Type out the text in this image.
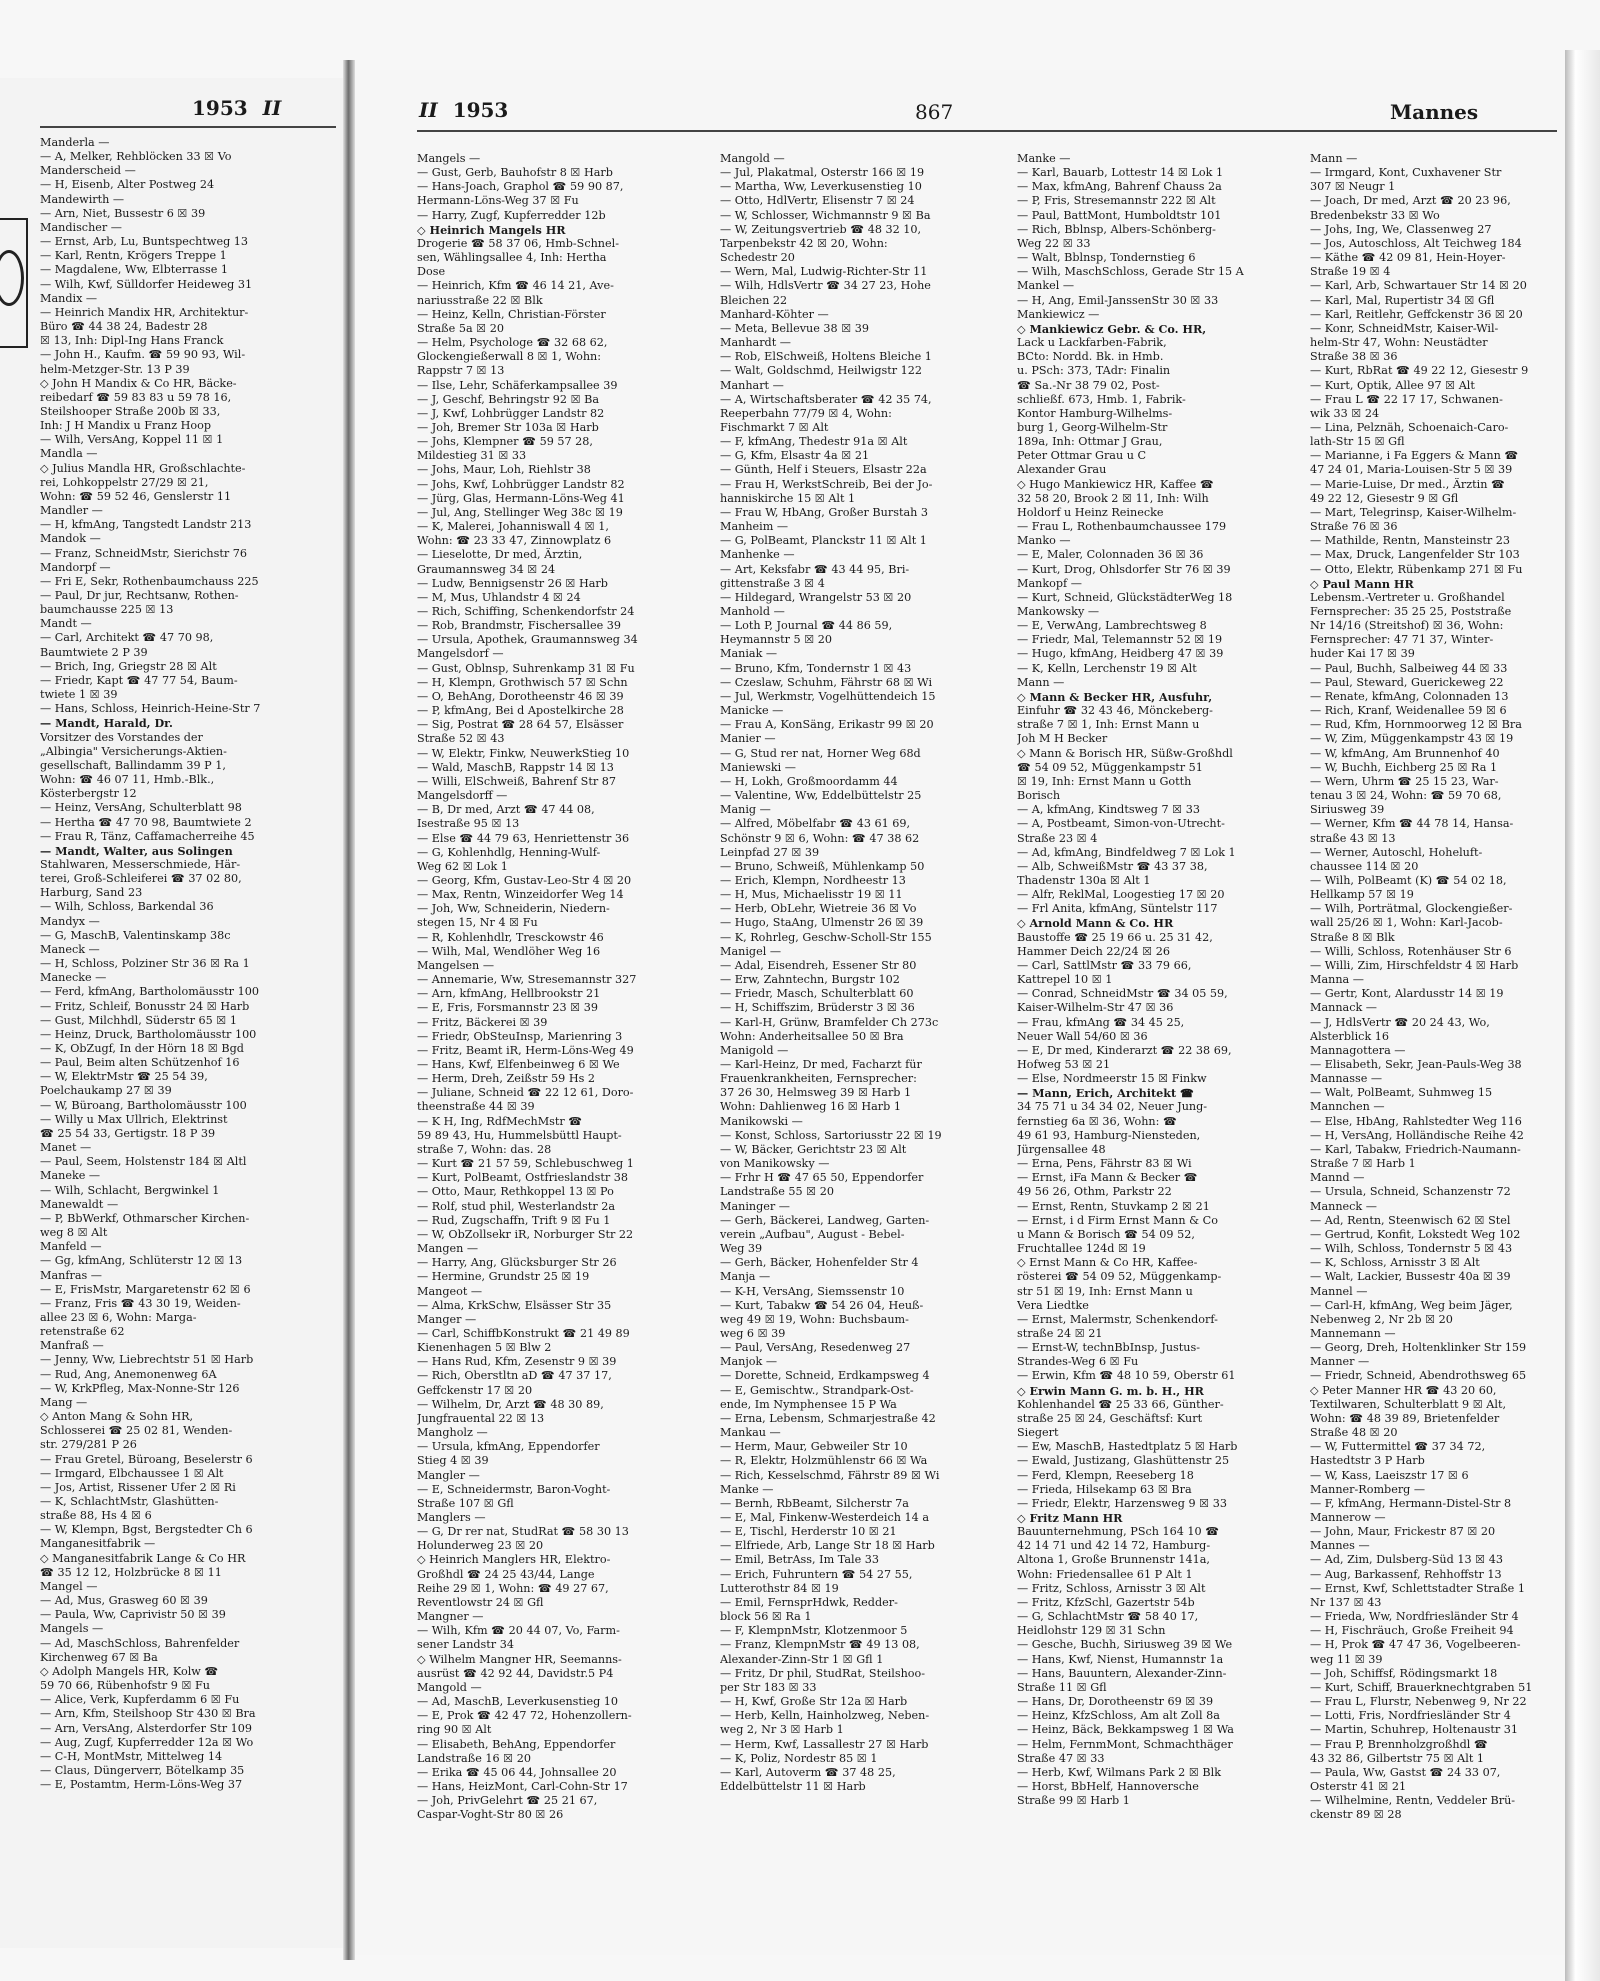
1953 II

Manderla —

— A, Melker, Rehblöcken 33 ☒ Vo

Manderscheid —

— H, Eisenb, Alter Postweg 24

Mandewirth —

— Arn, Niet, Bussestr 6 ☒ 39

Mandischer —

— Ernst, Arb, Lu, Buntspechtweg 13

— Karl, Rentn, Krögers Treppe 1

— Magdalene, Ww, Elbterrasse 1

— Wilh, Kwf, Sülldorfer Heideweg 31

Mandix —

— Heinrich Mandix HR, Architektur-

Büro ☎ 44 38 24, Badestr 28

☒ 13, Inh: Dipl-Ing Hans Franck

— John H., Kaufm. ☎ 59 90 93, Wil-

helm-Metzger-Str. 13 P 39

◇ John H Mandix & Co HR, Bäcke-

reibedarf ☎ 59 83 83 u 59 78 16,

Steilshooper Straße 200b ☒ 33,

Inh: J H Mandix u Franz Hoop

— Wilh, VersAng, Koppel 11 ☒ 1

Mandla —

◇ Julius Mandla HR, Großschlachte-

rei, Lohkoppelstr 27/29 ☒ 21,

Wohn: ☎ 59 52 46, Genslerstr 11

Mandler —

— H, kfmAng, Tangstedt Landstr 213

Mandok —

— Franz, SchneidMstr, Sierichstr 76

Mandorpf —

— Fri E, Sekr, Rothenbaumchauss 225

— Paul, Dr jur, Rechtsanw, Rothen-

baumchausse 225 ☒ 13

Mandt —

— Carl, Architekt ☎ 47 70 98,

Baumtwiete 2 P 39

— Brich, Ing, Griegstr 28 ☒ Alt

— Friedr, Kapt ☎ 47 77 54, Baum-

twiete 1 ☒ 39

— Hans, Schloss, Heinrich-Heine-Str 7

— Mandt, Harald, Dr.

Vorsitzer des Vorstandes der

„Albingia" Versicherungs-Aktien-

gesellschaft, Ballindamm 39 P 1,

Wohn: ☎ 46 07 11, Hmb.-Blk.,

Kösterbergstr 12

— Heinz, VersAng, Schulterblatt 98

— Hertha ☎ 47 70 98, Baumtwiete 2

— Frau R, Tänz, Caffamacherreihe 45

— Mandt, Walter, aus Solingen

Stahlwaren, Messerschmiede, Här-

terei, Groß-Schleiferei ☎ 37 02 80,

Harburg, Sand 23

— Wilh, Schloss, Barkendal 36

Mandyx —

— G, MaschB, Valentinskamp 38c

Maneck —

— H, Schloss, Polziner Str 36 ☒ Ra 1

Manecke —

— Ferd, kfmAng, Bartholomäusstr 100

— Fritz, Schleif, Bonusstr 24 ☒ Harb

— Gust, Milchhdl, Süderstr 65 ☒ 1

— Heinz, Druck, Bartholomäusstr 100

— K, ObZugf, In der Hörn 18 ☒ Bgd

— Paul, Beim alten Schützenhof 16

— W, ElektrMstr ☎ 25 54 39,

Poelchaukamp 27 ☒ 39

— W, Büroang, Bartholomäusstr 100

— Willy u Max Ullrich, Elektrinst

☎ 25 54 33, Gertigstr. 18 P 39

Manet —

— Paul, Seem, Holstenstr 184 ☒ Altl

Maneke —

— Wilh, Schlacht, Bergwinkel 1

Manewaldt —

— P, BbWerkf, Othmarscher Kirchen-

weg 8 ☒ Alt

Manfeld —

— Gg, kfmAng, Schlüterstr 12 ☒ 13

Manfras —

— E, FrisMstr, Margaretenstr 62 ☒ 6

— Franz, Fris ☎ 43 30 19, Weiden-

allee 23 ☒ 6, Wohn: Marga-

retenstraße 62

Manfraß —

— Jenny, Ww, Liebrechtstr 51 ☒ Harb

— Rud, Ang, Anemonenweg 6A

— W, KrkPfleg, Max-Nonne-Str 126

Mang —

◇ Anton Mang & Sohn HR,

Schlosserei ☎ 25 02 81, Wenden-

str. 279/281 P 26

— Frau Gretel, Büroang, Beselerstr 6

— Irmgard, Elbchaussee 1 ☒ Alt

— Jos, Artist, Rissener Ufer 2 ☒ Ri

— K, SchlachtMstr, Glashütten-

straße 88, Hs 4 ☒ 6

— W, Klempn, Bgst, Bergstedter Ch 6

Manganesitfabrik —

◇ Manganesitfabrik Lange & Co HR

☎ 35 12 12, Holzbrücke 8 ☒ 11

Mangel —

— Ad, Mus, Grasweg 60 ☒ 39

— Paula, Ww, Caprivistr 50 ☒ 39

Mangels —

— Ad, MaschSchloss, Bahrenfelder

Kirchenweg 67 ☒ Ba

◇ Adolph Mangels HR, Kolw ☎

59 70 66, Rübenhofstr 9 ☒ Fu

— Alice, Verk, Kupferdamm 6 ☒ Fu

— Arn, Kfm, Steilshoop Str 430 ☒ Bra

— Arn, VersAng, Alsterdorfer Str 109

— Aug, Zugf, Kupferredder 12a ☒ Wo

— C-H, MontMstr, Mittelweg 14

— Claus, Düngerverr, Bötelkamp 35

— E, Postamtm, Herm-Löns-Weg 37

II 1953	867	Mannes

Mangels —

— Gust, Gerb, Bauhofstr 8 ☒ Harb

— Hans-Joach, Graphol ☎ 59 90 87,

Hermann-Löns-Weg 37 ☒ Fu

— Harry, Zugf, Kupferredder 12b

◇ Heinrich Mangels HR

Drogerie ☎ 58 37 06, Hmb-Schnel-

sen, Wählingsallee 4, Inh: Hertha

Dose

— Heinrich, Kfm ☎ 46 14 21, Ave-

nariusstraße 22 ☒ Blk

— Heinz, Kelln, Christian-Förster

Straße 5a ☒ 20

— Helm, Psychologe ☎ 32 68 62,

Glockengießerwall 8 ☒ 1, Wohn:

Rappstr 7 ☒ 13

— Ilse, Lehr, Schäferkampsallee 39

— J, Geschf, Behringstr 92 ☒ Ba

— J, Kwf, Lohbrügger Landstr 82

— Joh, Bremer Str 103a ☒ Harb

— Johs, Klempner ☎ 59 57 28,

Mildestieg 31 ☒ 33

— Johs, Maur, Loh, Riehlstr 38

— Johs, Kwf, Lohbrügger Landstr 82

— Jürg, Glas, Hermann-Löns-Weg 41

— Jul, Ang, Stellinger Weg 38c ☒ 19

— K, Malerei, Johanniswall 4 ☒ 1,

Wohn: ☎ 23 33 47, Zinnowplatz 6

— Lieselotte, Dr med, Ärztin,

Graumannsweg 34 ☒ 24

— Ludw, Bennigsenstr 26 ☒ Harb

— M, Mus, Uhlandstr 4 ☒ 24

— Rich, Schiffing, Schenkendorfstr 24

— Rob, Brandmstr, Fischersallee 39

— Ursula, Apothek, Graumannsweg 34

Mangelsdorf —

— Gust, Oblnsp, Suhrenkamp 31 ☒ Fu

— H, Klempn, Grothwisch 57 ☒ Schn

— O, BehAng, Dorotheenstr 46 ☒ 39

— P, kfmAng, Bei d Apostelkirche 28

— Sig, Postrat ☎ 28 64 57, Elsässer

Straße 52 ☒ 43

— W, Elektr, Finkw, NeuwerkStieg 10

— Wald, MaschB, Rappstr 14 ☒ 13

— Willi, ElSchweiß, Bahrenf Str 87

Mangelsdorff —

— B, Dr med, Arzt ☎ 47 44 08,

Isestraße 95 ☒ 13

— Else ☎ 44 79 63, Henriettenstr 36

— G, Kohlenhdlg, Henning-Wulf-

Weg 62 ☒ Lok 1

— Georg, Kfm, Gustav-Leo-Str 4 ☒ 20

— Max, Rentn, Winzeidorfer Weg 14

— Joh, Ww, Schneiderin, Niedern-

stegen 15, Nr 4 ☒ Fu

— R, Kohlenhdlr, Tresckowstr 46

— Wilh, Mal, Wendlöher Weg 16

Mangelsen —

— Annemarie, Ww, Stresemannstr 327

— Arn, kfmAng, Hellbrookstr 21

— E, Fris, Forsmannstr 23 ☒ 39

— Fritz, Bäckerei ☒ 39

— Friedr, ObSteuInsp, Marienring 3

— Fritz, Beamt iR, Herm-Löns-Weg 49

— Hans, Kwf, Elfenbeinweg 6 ☒ We

— Herm, Dreh, Zeißstr 59 Hs 2

— Juliane, Schneid ☎ 22 12 61, Doro-

theenstraße 44 ☒ 39

— K H, Ing, RdfMechMstr ☎

59 89 43, Hu, Hummelsbüttl Haupt-

straße 7, Wohn: das. 28

— Kurt ☎ 21 57 59, Schlebuschweg 1

— Kurt, PolBeamt, Ostfrieslandstr 38

— Otto, Maur, Rethkoppel 13 ☒ Po

— Rolf, stud phil, Westerlandstr 2a

— Rud, Zugschaffn, Trift 9 ☒ Fu 1

— W, ObZollsekr iR, Norburger Str 22

Mangen —

— Harry, Ang, Glücksburger Str 26

— Hermine, Grundstr 25 ☒ 19

Mangeot —

— Alma, KrkSchw, Elsässer Str 35

Manger —

— Carl, SchiffbKonstrukt ☎ 21 49 89

Kienenhagen 5 ☒ Blw 2

— Hans Rud, Kfm, Zesenstr 9 ☒ 39

— Rich, Oberstltn aD ☎ 47 37 17,

Geffckenstr 17 ☒ 20

— Wilhelm, Dr, Arzt ☎ 48 30 89,

Jungfrauental 22 ☒ 13

Mangholz —

— Ursula, kfmAng, Eppendorfer

Stieg 4 ☒ 39

Mangler —

— E, Schneidermstr, Baron-Voght-

Straße 107 ☒ Gfl

Manglers —

— G, Dr rer nat, StudRat ☎ 58 30 13

Holunderweg 23 ☒ 20

◇ Heinrich Manglers HR, Elektro-

Großhdl ☎ 24 25 43/44, Lange

Reihe 29 ☒ 1, Wohn: ☎ 49 27 67,

Reventlowstr 24 ☒ Gfl

Mangner —

— Wilh, Kfm ☎ 20 44 07, Vo, Farm-

sener Landstr 34

◇ Wilhelm Mangner HR, Seemanns-

ausrüst ☎ 42 92 44, Davidstr.5 P4

Mangold —

— Ad, MaschB, Leverkusenstieg 10

— E, Prok ☎ 42 47 72, Hohenzollern-

ring 90 ☒ Alt

— Elisabeth, BehAng, Eppendorfer

Landstraße 16 ☒ 20

— Erika ☎ 45 06 44, Johnsallee 20

— Hans, HeizMont, Carl-Cohn-Str 17

— Joh, PrivGelehrt ☎ 25 21 67,

Caspar-Voght-Str 80 ☒ 26

Mangold —

— Jul, Plakatmal, Osterstr 166 ☒ 19

— Martha, Ww, Leverkusenstieg 10

— Otto, HdlVertr, Elisenstr 7 ☒ 24

— W, Schlosser, Wichmannstr 9 ☒ Ba

— W, Zeitungsvertrieb ☎ 48 32 10,

Tarpenbekstr 42 ☒ 20, Wohn:

Schedestr 20

— Wern, Mal, Ludwig-Richter-Str 11

— Wilh, HdlsVertr ☎ 34 27 23, Hohe

Bleichen 22

Manhard-Köhter —

— Meta, Bellevue 38 ☒ 39

Manhardt —

— Rob, ElSchweiß, Holtens Bleiche 1

— Walt, Goldschmd, Heilwigstr 122

Manhart —

— A, Wirtschaftsberater ☎ 42 35 74,

Reeperbahn 77/79 ☒ 4, Wohn:

Fischmarkt 7 ☒ Alt

— F, kfmAng, Thedestr 91a ☒ Alt

— G, Kfm, Elsastr 4a ☒ 21

— Günth, Helf i Steuers, Elsastr 22a

— Frau H, WerkstSchreib, Bei der Jo-

hanniskirche 15 ☒ Alt 1

— Frau W, HbAng, Großer Burstah 3

Manheim —

— G, PolBeamt, Planckstr 11 ☒ Alt 1

Manhenke —

— Art, Keksfabr ☎ 43 44 95, Bri-

gittenstraße 3 ☒ 4

— Hildegard, Wrangelstr 53 ☒ 20

Manhold —

— Loth P, Journal ☎ 44 86 59,

Heymannstr 5 ☒ 20

Maniak —

— Bruno, Kfm, Tondernstr 1 ☒ 43

— Czeslaw, Schuhm, Fährstr 68 ☒ Wi

— Jul, Werkmstr, Vogelhüttendeich 15

Manicke —

— Frau A, KonSäng, Erikastr 99 ☒ 20

Manier —

— G, Stud rer nat, Horner Weg 68d

Maniewski —

— H, Lokh, Großmoordamm 44

— Valentine, Ww, Eddelbüttelstr 25

Manig —

— Alfred, Möbelfabr ☎ 43 61 69,

Schönstr 9 ☒ 6, Wohn: ☎ 47 38 62

Leinpfad 27 ☒ 39

— Bruno, Schweiß, Mühlenkamp 50

— Erich, Klempn, Nordheestr 13

— H, Mus, Michaelisstr 19 ☒ 11

— Herb, ObLehr, Wietreie 36 ☒ Vo

— Hugo, StaAng, Ulmenstr 26 ☒ 39

— K, Rohrleg, Geschw-Scholl-Str 155

Manigel —

— Adal, Eisendreh, Essener Str 80

— Erw, Zahntechn, Burgstr 102

— Friedr, Masch, Schulterblatt 60

— H, Schiffszim, Brüderstr 3 ☒ 36

— Karl-H, Grünw, Bramfelder Ch 273c

Wohn: Anderheitsallee 50 ☒ Bra

Manigold —

— Karl-Heinz, Dr med, Facharzt für

Frauenkrankheiten, Fernsprecher:

37 26 30, Helmsweg 39 ☒ Harb 1

Wohn: Dahlienweg 16 ☒ Harb 1

Manikowski —

— Konst, Schloss, Sartoriusstr 22 ☒ 19

— W, Bäcker, Gerichtstr 23 ☒ Alt

von Manikowsky —

— Frhr H ☎ 47 65 50, Eppendorfer

Landstraße 55 ☒ 20

Maninger —

— Gerh, Bäckerei, Landweg, Garten-

verein „Aufbau", August - Bebel-

Weg 39

— Gerh, Bäcker, Hohenfelder Str 4

Manja —

— K-H, VersAng, Siemssenstr 10

— Kurt, Tabakw ☎ 54 26 04, Heuß-

weg 49 ☒ 19, Wohn: Buchsbaum-

weg 6 ☒ 39

— Paul, VersAng, Resedenweg 27

Manjok —

— Dorette, Schneid, Erdkampsweg 4

— E, Gemischtw., Strandpark-Ost-

ende, Im Nymphensee 15 P Wa

— Erna, Lebensm, Schmarjestraße 42

Mankau —

— Herm, Maur, Gebweiler Str 10

— R, Elektr, Holzmühlenstr 66 ☒ Wa

— Rich, Kesselschmd, Fährstr 89 ☒ Wi

Manke —

— Bernh, RbBeamt, Silcherstr 7a

— E, Mal, Finkenw-Westerdeich 14 a

— E, Tischl, Herderstr 10 ☒ 21

— Elfriede, Arb, Lange Str 18 ☒ Harb

— Emil, BetrAss, Im Tale 33

— Erich, Fuhruntern ☎ 54 27 55,

Lutterothstr 84 ☒ 19

— Emil, FernsprHdwk, Redder-

block 56 ☒ Ra 1

— F, KlempnMstr, Klotzenmoor 5

— Franz, KlempnMstr ☎ 49 13 08,

Alexander-Zinn-Str 1 ☒ Gfl 1

— Fritz, Dr phil, StudRat, Steilshoo-

per Str 183 ☒ 33

— H, Kwf, Große Str 12a ☒ Harb

— Herb, Kelln, Hainholzweg, Neben-

weg 2, Nr 3 ☒ Harb 1

— Herm, Kwf, Lassallestr 27 ☒ Harb

— K, Poliz, Nordestr 85 ☒ 1

— Karl, Autoverm ☎ 37 48 25,

Eddelbüttelstr 11 ☒ Harb

Manke —

— Karl, Bauarb, Lottestr 14 ☒ Lok 1

— Max, kfmAng, Bahrenf Chauss 2a

— P, Fris, Stresemannstr 222 ☒ Alt

— Paul, BattMont, Humboldtstr 101

— Rich, Bblnsp, Albers-Schönberg-

Weg 22 ☒ 33

— Walt, Bblnsp, Tondernstieg 6

— Wilh, MaschSchloss, Gerade Str 15 A

Mankel —

— H, Ang, Emil-JanssenStr 30 ☒ 33

Mankiewicz —

◇ Mankiewicz Gebr. & Co. HR,

Lack u Lackfarben-Fabrik,

BCto: Nordd. Bk. in Hmb.

u. PSch: 373, TAdr: Finalin

☎ Sa.-Nr 38 79 02, Post-

schließf. 673, Hmb. 1, Fabrik-

Kontor Hamburg-Wilhelms-

burg 1, Georg-Wilhelm-Str

189a, Inh: Ottmar J Grau,

Peter Ottmar Grau u C

Alexander Grau

◇ Hugo Mankiewicz HR, Kaffee ☎

32 58 20, Brook 2 ☒ 11, Inh: Wilh

Holdorf u Heinz Reinecke

— Frau L, Rothenbaumchaussee 179

Manko —

— E, Maler, Colonnaden 36 ☒ 36

— Kurt, Drog, Ohlsdorfer Str 76 ☒ 39

Mankopf —

— Kurt, Schneid, GlückstädterWeg 18

Mankowsky —

— E, VerwAng, Lambrechtsweg 8

— Friedr, Mal, Telemannstr 52 ☒ 19

— Hugo, kfmAng, Heidberg 47 ☒ 39

— K, Kelln, Lerchenstr 19 ☒ Alt

Mann —

◇ Mann & Becker HR, Ausfuhr,

Einfuhr ☎ 32 43 46, Mönckeberg-

straße 7 ☒ 1, Inh: Ernst Mann u

Joh M H Becker

◇ Mann & Borisch HR, Süßw-Großhdl

☎ 54 09 52, Müggenkampstr 51

☒ 19, Inh: Ernst Mann u Gotth

Borisch

— A, kfmAng, Kindtsweg 7 ☒ 33

— A, Postbeamt, Simon-von-Utrecht-

Straße 23 ☒ 4

— Ad, kfmAng, Bindfeldweg 7 ☒ Lok 1

— Alb, SchweißMstr ☎ 43 37 38,

Thadenstr 130a ☒ Alt 1

— Alfr, ReklMal, Loogestieg 17 ☒ 20

— Frl Anita, kfmAng, Süntelstr 117

◇ Arnold Mann & Co. HR

Baustoffe ☎ 25 19 66 u. 25 31 42,

Hammer Deich 22/24 ☒ 26

— Carl, SattlMstr ☎ 33 79 66,

Kattrepel 10 ☒ 1

— Conrad, SchneidMstr ☎ 34 05 59,

Kaiser-Wilhelm-Str 47 ☒ 36

— Frau, kfmAng ☎ 34 45 25,

Neuer Wall 54/60 ☒ 36

— E, Dr med, Kinderarzt ☎ 22 38 69,

Hofweg 53 ☒ 21

— Else, Nordmeerstr 15 ☒ Finkw

— Mann, Erich, Architekt ☎

34 75 71 u 34 34 02, Neuer Jung-

fernstieg 6a ☒ 36, Wohn: ☎

49 61 93, Hamburg-Niensteden,

Jürgensallee 48

— Erna, Pens, Fährstr 83 ☒ Wi

— Ernst, iFa Mann & Becker ☎

49 56 26, Othm, Parkstr 22

— Ernst, Rentn, Stuvkamp 2 ☒ 21

— Ernst, i d Firm Ernst Mann & Co

u Mann & Borisch ☎ 54 09 52,

Fruchtallee 124d ☒ 19

◇ Ernst Mann & Co HR, Kaffee-

rösterei ☎ 54 09 52, Müggenkamp-

str 51 ☒ 19, Inh: Ernst Mann u

Vera Liedtke

— Ernst, Malermstr, Schenkendorf-

straße 24 ☒ 21

— Ernst-W, technBbInsp, Justus-

Strandes-Weg 6 ☒ Fu

— Erwin, Kfm ☎ 48 10 59, Oberstr 61

◇ Erwin Mann G. m. b. H., HR

Kohlenhandel ☎ 25 33 66, Günther-

straße 25 ☒ 24, Geschäftsf: Kurt

Siegert

— Ew, MaschB, Hastedtplatz 5 ☒ Harb

— Ewald, Justizang, Glashüttenstr 25

— Ferd, Klempn, Reeseberg 18

— Frieda, Hilsekamp 63 ☒ Bra

— Friedr, Elektr, Harzensweg 9 ☒ 33

◇ Fritz Mann HR

Bauunternehmung, PSch 164 10 ☎

42 14 71 und 42 14 72, Hamburg-

Altona 1, Große Brunnenstr 141a,

Wohn: Friedensallee 61 P Alt 1

— Fritz, Schloss, Arnisstr 3 ☒ Alt

— Fritz, KfzSchl, Gazertstr 54b

— G, SchlachtMstr ☎ 58 40 17,

Heidlohstr 129 ☒ 31 Schn

— Gesche, Buchh, Siriusweg 39 ☒ We

— Hans, Kwf, Nienst, Humannstr 1a

— Hans, Bauuntern, Alexander-Zinn-

Straße 11 ☒ Gfl

— Hans, Dr, Dorotheenstr 69 ☒ 39

— Heinz, KfzSchloss, Am alt Zoll 8a

— Heinz, Bäck, Bekkampsweg 1 ☒ Wa

— Helm, FernmMont, Schmachthäger

Straße 47 ☒ 33

— Herb, Kwf, Wilmans Park 2 ☒ Blk

— Horst, BbHelf, Hannoversche

Straße 99 ☒ Harb 1

Mann —

— Irmgard, Kont, Cuxhavener Str

307 ☒ Neugr 1

— Joach, Dr med, Arzt ☎ 20 23 96,

Bredenbekstr 33 ☒ Wo

— Johs, Ing, We, Classenweg 27

— Jos, Autoschloss, Alt Teichweg 184

— Käthe ☎ 42 09 81, Hein-Hoyer-

Straße 19 ☒ 4

— Karl, Arb, Schwartauer Str 14 ☒ 20

— Karl, Mal, Rupertistr 34 ☒ Gfl

— Karl, Reitlehr, Geffckenstr 36 ☒ 20

— Konr, SchneidMstr, Kaiser-Wil-

helm-Str 47, Wohn: Neustädter

Straße 38 ☒ 36

— Kurt, RbRat ☎ 49 22 12, Giesestr 9

— Kurt, Optik, Allee 97 ☒ Alt

— Frau L ☎ 22 17 17, Schwanen-

wik 33 ☒ 24

— Lina, Pelznäh, Schoenaich-Caro-

lath-Str 15 ☒ Gfl

— Marianne, i Fa Eggers & Mann ☎

47 24 01, Maria-Louisen-Str 5 ☒ 39

— Marie-Luise, Dr med., Ärztin ☎

49 22 12, Giesestr 9 ☒ Gfl

— Mart, Telegrinsp, Kaiser-Wilhelm-

Straße 76 ☒ 36

— Mathilde, Rentn, Mansteinstr 23

— Max, Druck, Langenfelder Str 103

— Otto, Elektr, Rübenkamp 271 ☒ Fu

◇ Paul Mann HR

Lebensm.-Vertreter u. Großhandel

Fernsprecher: 35 25 25, Poststraße

Nr 14/16 (Streitshof) ☒ 36, Wohn:

Fernsprecher: 47 71 37, Winter-

huder Kai 17 ☒ 39

— Paul, Buchh, Salbeiweg 44 ☒ 33

— Paul, Steward, Guerickeweg 22

— Renate, kfmAng, Colonnaden 13

— Rich, Kranf, Weidenallee 59 ☒ 6

— Rud, Kfm, Hornmoorweg 12 ☒ Bra

— W, Zim, Müggenkampstr 43 ☒ 19

— W, kfmAng, Am Brunnenhof 40

— W, Buchh, Eichberg 25 ☒ Ra 1

— Wern, Uhrm ☎ 25 15 23, War-

tenau 3 ☒ 24, Wohn: ☎ 59 70 68,

Siriusweg 39

— Werner, Kfm ☎ 44 78 14, Hansa-

straße 43 ☒ 13

— Werner, Autoschl, Hoheluft-

chaussee 114 ☒ 20

— Wilh, PolBeamt (K) ☎ 54 02 18,

Hellkamp 57 ☒ 19

— Wilh, Porträtmal, Glockengießer-

wall 25/26 ☒ 1, Wohn: Karl-Jacob-

Straße 8 ☒ Blk

— Willi, Schloss, Rotenhäuser Str 6

— Willi, Zim, Hirschfeldstr 4 ☒ Harb

Manna —

— Gertr, Kont, Alardusstr 14 ☒ 19

Mannack —

— J, HdlsVertr ☎ 20 24 43, Wo,

Alsterblick 16

Mannagottera —

— Elisabeth, Sekr, Jean-Pauls-Weg 38

Mannasse —

— Walt, PolBeamt, Suhmweg 15

Mannchen —

— Else, HbAng, Rahlstedter Weg 116

— H, VersAng, Holländische Reihe 42

— Karl, Tabakw, Friedrich-Naumann-

Straße 7 ☒ Harb 1

Mannd —

— Ursula, Schneid, Schanzenstr 72

Manneck —

— Ad, Rentn, Steenwisch 62 ☒ Stel

— Gertrud, Konfit, Lokstedt Weg 102

— Wilh, Schloss, Tondernstr 5 ☒ 43

— K, Schloss, Arnisstr 3 ☒ Alt

— Walt, Lackier, Bussestr 40a ☒ 39

Mannel —

— Carl-H, kfmAng, Weg beim Jäger,

Nebenweg 2, Nr 2b ☒ 20

Mannemann —

— Georg, Dreh, Holtenklinker Str 159

Manner —

— Friedr, Schneid, Abendrothsweg 65

◇ Peter Manner HR ☎ 43 20 60,

Textilwaren, Schulterblatt 9 ☒ Alt,

Wohn: ☎ 48 39 89, Brietenfelder

Straße 48 ☒ 20

— W, Futtermittel ☎ 37 34 72,

Hastedtstr 3 P Harb

— W, Kass, Laeiszstr 17 ☒ 6

Manner-Romberg —

— F, kfmAng, Hermann-Distel-Str 8

Mannerow —

— John, Maur, Frickestr 87 ☒ 20

Mannes —

— Ad, Zim, Dulsberg-Süd 13 ☒ 43

— Aug, Barkassenf, Rehhoffstr 13

— Ernst, Kwf, Schlettstadter Straße 1

Nr 137 ☒ 43

— Frieda, Ww, Nordfriesländer Str 4

— H, Fischräuch, Große Freiheit 94

— H, Prok ☎ 47 47 36, Vogelbeeren-

weg 11 ☒ 39

— Joh, Schiffsf, Rödingsmarkt 18

— Kurt, Schiff, Brauerknechtgraben 51

— Frau L, Flurstr, Nebenweg 9, Nr 22

— Lotti, Fris, Nordfriesländer Str 4

— Martin, Schuhrep, Holtenaustr 31

— Frau P, Brennholzgroßhdl ☎

43 32 86, Gilbertstr 75 ☒ Alt 1

— Paula, Ww, Gastst ☎ 24 33 07,

Osterstr 41 ☒ 21

— Wilhelmine, Rentn, Veddeler Brü-

ckenstr 89 ☒ 28
